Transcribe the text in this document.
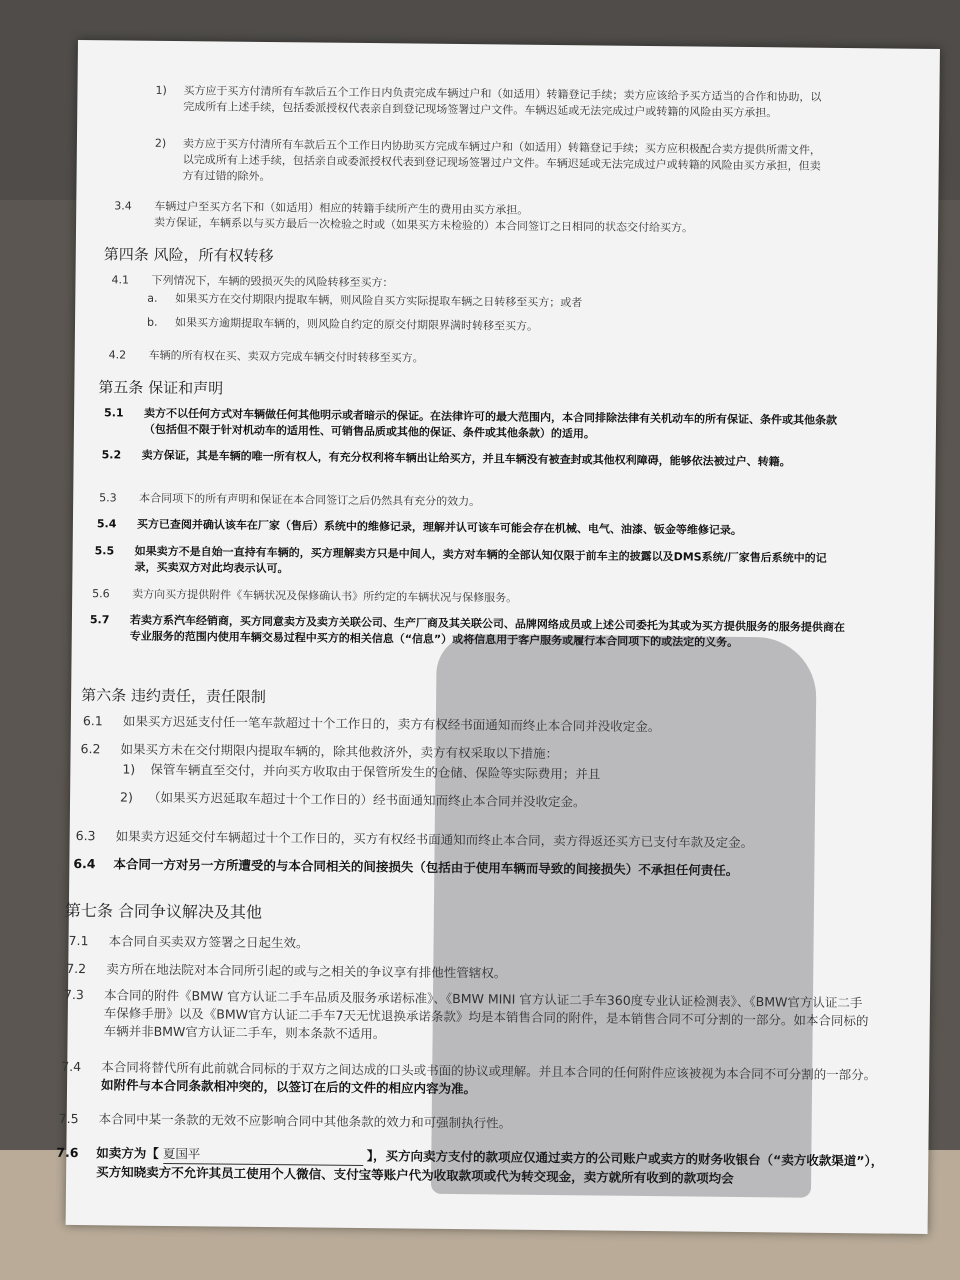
1)	买方应于买方付清所有车款后五个工作日内负责完成车辆过户和（如适用）转籍登记手续；卖方应该给予买方适当的合作和协助，以完成所有上述手续，包括委派授权代表亲自到登记现场签署过户文件。车辆迟延或无法完成过户或转籍的风险由买方承担。
2)	卖方应于买方付清所有车款后五个工作日内协助买方完成车辆过户和（如适用）转籍登记手续；买方应积极配合卖方提供所需文件，以完成所有上述手续，包括亲自或委派授权代表到登记现场签署过户文件。车辆迟延或无法完成过户或转籍的风险由买方承担，但卖方有过错的除外。
3.4	车辆过户至买方名下和（如适用）相应的转籍手续所产生的费用由买方承担。
卖方保证，车辆系以与买方最后一次检验之时或（如果买方未检验的）本合同签订之日相同的状态交付给买方。
第四条 风险，所有权转移
4.1	下列情况下，车辆的毁损灭失的风险转移至买方：
a.	如果买方在交付期限内提取车辆，则风险自买方实际提取车辆之日转移至买方；或者
b.	如果买方逾期提取车辆的，则风险自约定的原交付期限界满时转移至买方。
4.2	车辆的所有权在买、卖双方完成车辆交付时转移至买方。
第五条 保证和声明
5.1	卖方不以任何方式对车辆做任何其他明示或者暗示的保证。在法律许可的最大范围内，本合同排除法律有关机动车的所有保证、条件或其他条款（包括但不限于针对机动车的适用性、可销售品质或其他的保证、条件或其他条款）的适用。
5.2	卖方保证，其是车辆的唯一所有权人，有充分权利将车辆出让给买方，并且车辆没有被查封或其他权利障碍，能够依法被过户、转籍。
5.3	本合同项下的所有声明和保证在本合同签订之后仍然具有充分的效力。
5.4	买方已查阅并确认该车在厂家（售后）系统中的维修记录，理解并认可该车可能会存在机械、电气、油漆、钣金等维修记录。
5.5	如果卖方不是自始一直持有车辆的，买方理解卖方只是中间人，卖方对车辆的全部认知仅限于前车主的披露以及DMS系统/厂家售后系统中的记录，买卖双方对此均表示认可。
5.6	卖方向买方提供附件《车辆状况及保修确认书》所约定的车辆状况与保修服务。
5.7	若卖方系汽车经销商，买方同意卖方及卖方关联公司、生产厂商及其关联公司、品牌网络成员或上述公司委托为其或为买方提供服务的服务提供商在专业服务的范围内使用车辆交易过程中买方的相关信息（“信息”）或将信息用于客户服务或履行本合同项下的或法定的义务。
第六条 违约责任，责任限制
6.1	如果买方迟延支付任一笔车款超过十个工作日的，卖方有权经书面通知而终止本合同并没收定金。
6.2	如果买方未在交付期限内提取车辆的，除其他救济外，卖方有权采取以下措施：
1)	保管车辆直至交付，并向买方收取由于保管所发生的仓储、保险等实际费用；并且
2)	（如果买方迟延取车超过十个工作日的）经书面通知而终止本合同并没收定金。
6.3	如果卖方迟延交付车辆超过十个工作日的，买方有权经书面通知而终止本合同，卖方得返还买方已支付车款及定金。
6.4	本合同一方对另一方所遭受的与本合同相关的间接损失（包括由于使用车辆而导致的间接损失）不承担任何责任。
第七条 合同争议解决及其他
7.1	本合同自买卖双方签署之日起生效。
7.2	卖方所在地法院对本合同所引起的或与之相关的争议享有排他性管辖权。
7.3	本合同的附件《BMW 官方认证二手车品质及服务承诺标准》、《BMW MINI 官方认证二手车360度专业认证检测表》、《BMW官方认证二手车保修手册》以及《BMW官方认证二手车7天无忧退换承诺条款》均是本销售合同的附件，是本销售合同不可分割的一部分。如本合同标的车辆并非BMW官方认证二手车，则本条款不适用。
7.4	本合同将替代所有此前就合同标的于双方之间达成的口头或书面的协议或理解。并且本合同的任何附件应该被视为本合同不可分割的一部分。 如附件与本合同条款相冲突的，以签订在后的文件的相应内容为准。
7.5	本合同中某一条款的无效不应影响合同中其他条款的效力和可强制执行性。
7.6	如卖方为【 夏国平	】，买方向卖方支付的款项应仅通过卖方的公司账户或卖方的财务收银台（“卖方收款渠道”），买方知晓卖方不允许其员工使用个人微信、支付宝等账户代为收取款项或代为转交现金，卖方就所有收到的款项均会
